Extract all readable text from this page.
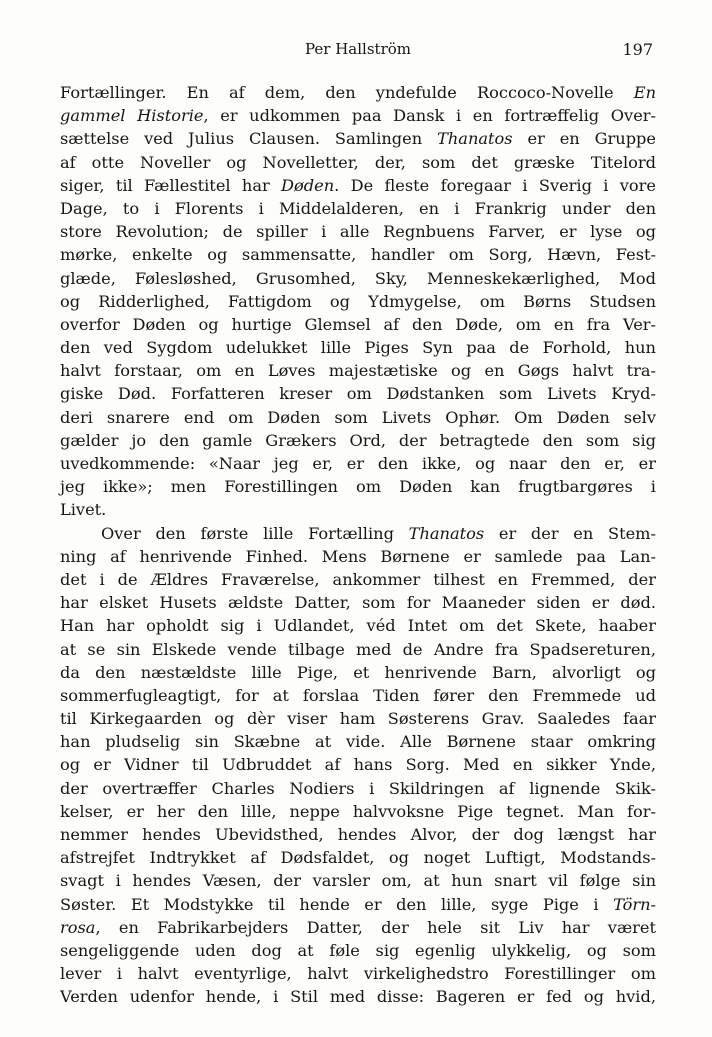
Per Hallström	197
Fortællinger. En af dem, den yndefulde Roccoco-Novelle En
gammel Historie, er udkommen paa Dansk i en fortræffelig Over-
sættelse ved Julius Clausen. Samlingen Thanatos er en Gruppe
af otte Noveller og Novelletter, der, som det græske Titelord
siger, til Fællestitel har Døden. De fleste foregaar i Sverig i vore
Dage, to i Florents i Middelalderen, en i Frankrig under den
store Revolution; de spiller i alle Regnbuens Farver, er lyse og
mørke, enkelte og sammensatte, handler om Sorg, Hævn, Fest-
glæde, Følesløshed, Grusomhed, Sky, Menneskekærlighed, Mod
og Ridderlighed, Fattigdom og Ydmygelse, om Børns Studsen
overfor Døden og hurtige Glemsel af den Døde, om en fra Ver-
den ved Sygdom udelukket lille Piges Syn paa de Forhold, hun
halvt forstaar, om en Løves majestætiske og en Gøgs halvt tra-
giske Død. Forfatteren kreser om Dødstanken som Livets Kryd-
deri snarere end om Døden som Livets Ophør. Om Døden selv
gælder jo den gamle Grækers Ord, der betragtede den som sig
uvedkommende: «Naar jeg er, er den ikke, og naar den er, er
jeg ikke»; men Forestillingen om Døden kan frugtbargøres i
Livet.
Over den første lille Fortælling Thanatos er der en Stem-
ning af henrivende Finhed. Mens Børnene er samlede paa Lan-
det i de Ældres Fraværelse, ankommer tilhest en Fremmed, der
har elsket Husets ældste Datter, som for Maaneder siden er død.
Han har opholdt sig i Udlandet, véd Intet om det Skete, haaber
at se sin Elskede vende tilbage med de Andre fra Spadsereturen,
da den næstældste lille Pige, et henrivende Barn, alvorligt og
sommerfugleagtigt, for at forslaa Tiden fører den Fremmede ud
til Kirkegaarden og dèr viser ham Søsterens Grav. Saaledes faar
han pludselig sin Skæbne at vide. Alle Børnene staar omkring
og er Vidner til Udbruddet af hans Sorg. Med en sikker Ynde,
der overtræffer Charles Nodiers i Skildringen af lignende Skik-
kelser, er her den lille, neppe halvvoksne Pige tegnet. Man for-
nemmer hendes Ubevidsthed, hendes Alvor, der dog længst har
afstrejfet Indtrykket af Dødsfaldet, og noget Luftigt, Modstands-
svagt i hendes Væsen, der varsler om, at hun snart vil følge sin
Søster. Et Modstykke til hende er den lille, syge Pige i Törn-
rosa, en Fabrikarbejders Datter, der hele sit Liv har været
sengeliggende uden dog at føle sig egenlig ulykkelig, og som
lever i halvt eventyrlige, halvt virkelighedstro Forestillinger om
Verden udenfor hende, i Stil med disse: Bageren er fed og hvid,
